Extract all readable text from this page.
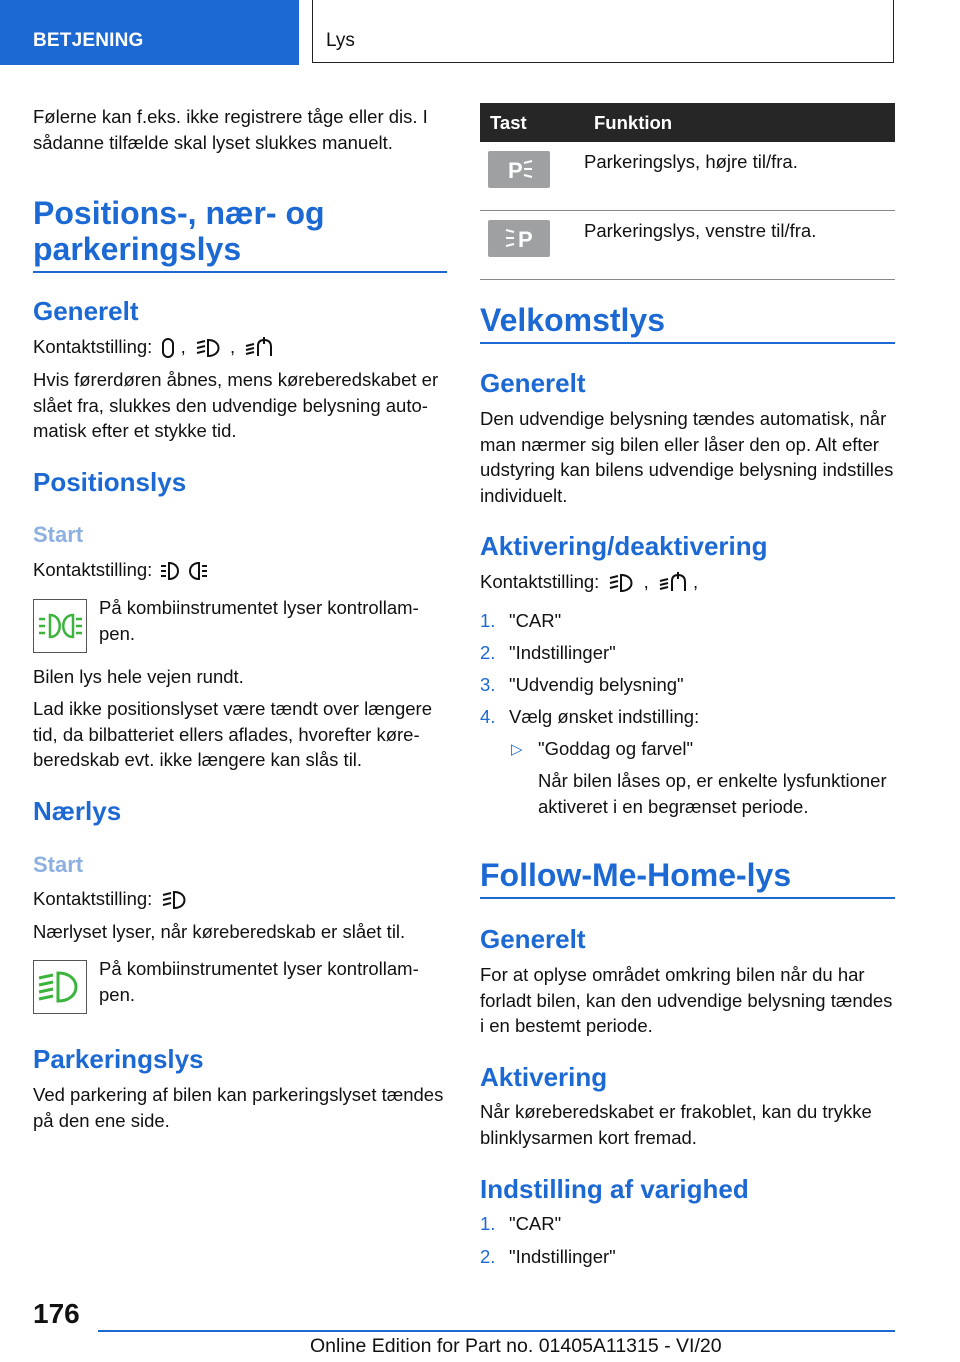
BETJENING	Lys

Følerne kan f.eks. ikke registrere tåge eller dis. I sådanne tilfælde skal lyset slukkes manuelt.

Positions-, nær- og
parkeringslys
Generelt
Kontaktstilling: , ,

Hvis førerdøren åbnes, mens køreberedskabet er slået fra, slukkes den udvendige belysning automatisk efter et stykke tid.

Positionslys
Start
Kontaktstilling:

På kombiinstrumentet lyser kontrollampen.

Bilen lys hele vejen rundt.

Lad ikke positionslyset være tændt over længere tid, da bilbatteriet ellers aflades, hvorefter køreberedskab evt. ikke længere kan slås til.

Nærlys
Start
Kontaktstilling:

Nærlyset lyser, når køreberedskab er slået til.

På kombiinstrumentet lyser kontrollampen.

Parkeringslys

Ved parkering af bilen kan parkeringslyset tændes på den ene side.

Tast	Funktion

P	Parkeringslys, højre til/fra.

P	Parkeringslys, venstre til/fra.
Velkomstlys
Generelt

Den udvendige belysning tændes automatisk, når man nærmer sig bilen eller låser den op. Alt efter udstyring kan bilens udvendige belysning indstilles individuelt.

Aktivering/deaktivering
Kontaktstilling: , ,
1. "CAR"
2. "Indstillinger"
3. "Udvendig belysning"
4. Vælg ønsket indstilling:
▷ "Goddag og farvel"

Når bilen låses op, er enkelte lysfunktioner aktiveret i en begrænset periode.

Follow-Me-Home-lys
Generelt

For at oplyse området omkring bilen når du har forladt bilen, kan den udvendige belysning tændes i en bestemt periode.

Aktivering

Når køreberedskabet er frakoblet, kan du trykke blinklysarmen kort fremad.

Indstilling af varighed
1. "CAR"
2. "Indstillinger"
176
Online Edition for Part no. 01405A11315 - VI/20
